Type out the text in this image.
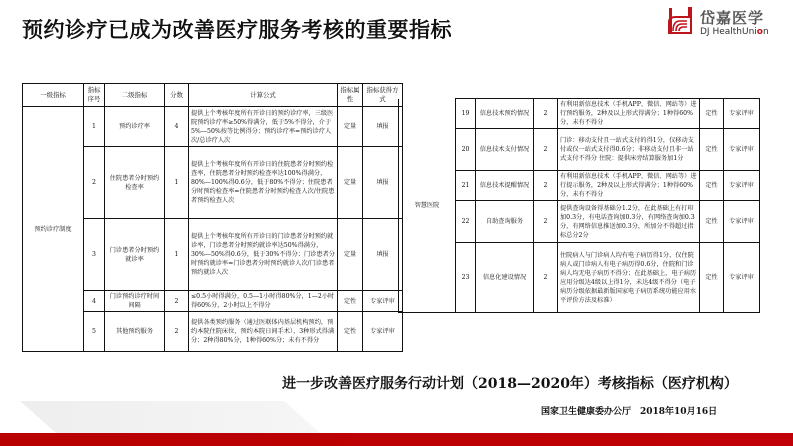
预约诊疗已成为改善医疗服务考核的重要指标	岱嘉医学
DJ HealthUnion
一级指标	指标序号	二级指标	分数	计算公式	指标属性	指标获得方式
预约诊疗制度	1	预约诊疗率	4	提供上个考核年度所有开诊日的预约诊疗率，三级医院预约诊疗率≥50%得满分，低于5%不得分，介于5%—50%按等比例得分；预约诊疗率=预约诊疗人次/总诊疗人次	定量	填报
	2	住院患者分时预约检查率	1	提供上个考核年度所有开诊日的住院患者分时预约检查率，住院患者分时预约检查率达100%得满分，80%—100%得0.6分，低于80%不得分；住院患者分时预约检查率=住院患者分时预约检查人次/住院患者预约检查人次	定量	填报
	3	门诊患者分时预约就诊率	1	提供上个考核年度所有开诊日的门诊患者分时预约就诊率，门诊患者分时预约就诊率达50%得满分，30%—50%得0.6分，低于30%不得分；门诊患者分时预约就诊率=门诊患者分时预约就诊人次/门诊患者预约就诊人次	定量	填报
	4	门诊预约诊疗时间间隔	2	≤0.5小时得满分，0.5—1小时得80%分，1—2小时得60%分，2小时以上不得分	定性	专家评审
	5	其他预约服务	2	提供各类预约服务（通过医联体内基层机构预约，预约本院住院床位，预约本院日间手术），3种形式得满分；2种得80%分，1种得60%分；未有不得分	定性	专家评审
智慧医院	19	信息技术预约情况	2	有利用新信息技术（手机APP、微信、网站等）进行预约服务，2种及以上形式得满分；1种得60%分，未有不得分	定性	专家评审
	20	信息技术支付情况	2	门诊：移动支付且一站式支付的得1分，仅移动支付或仅一站式支付得0.6分；非移动支付且非一站式支付不得分 住院：提供床旁结算服务加1分	定性	专家评审
	21	信息技术提醒情况	2	有利用新信息技术（手机APP、微信、网站等）进行提示服务，2种及以上形式得满分；1种得60%分，未有不得分	定性	专家评审
	22	自助查询服务	2	提供查询设备得基础分1.2分，在此基础上有打印加0.3分，有电话查询加0.3分，有网络查询加0.3分，有网络信息推送加0.3分，所加分不得超过指标总分2分	定性	专家评审
	23	信息化建设情况	2	住院病人与门诊病人均有电子病历得1分，仅住院病人或门诊病人有电子病历得0.6分，住院和门诊病人均无电子病历不得分；在此基础上，电子病历应用分级达4级以上得1分，未达4级不得分（电子病历分级依据最新版国家电子病历系统功能应用水平评价方法及标准）	定性	专家评审
进一步改善医疗服务行动计划（2018—2020年）考核指标（医疗机构）
国家卫生健康委办公厅　2018年10月16日
